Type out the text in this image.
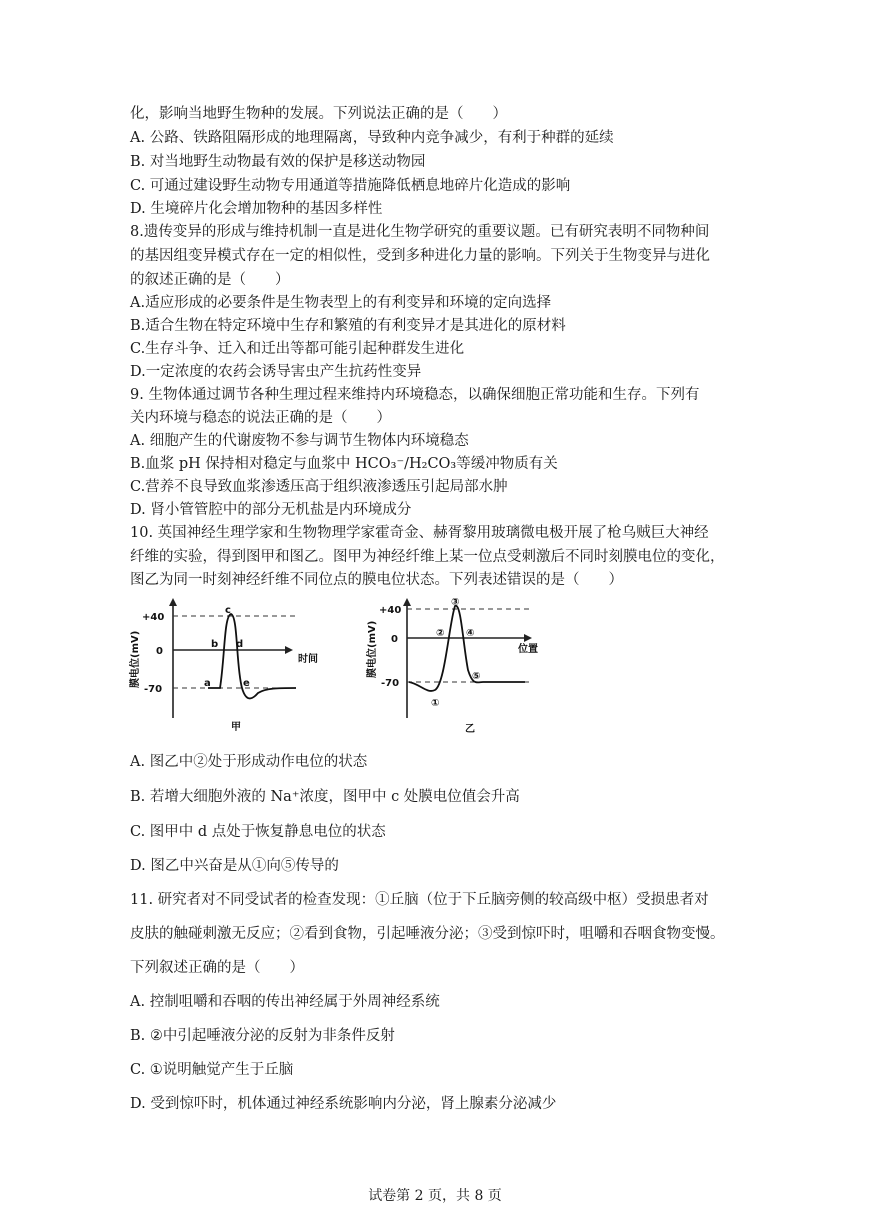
化，影响当地野生物种的发展。下列说法正确的是（　　）
A. 公路、铁路阻隔形成的地理隔离，导致种内竞争减少，有利于种群的延续
B. 对当地野生动物最有效的保护是移送动物园
C. 可通过建设野生动物专用通道等措施降低栖息地碎片化造成的影响
D. 生境碎片化会增加物种的基因多样性
8.遗传变异的形成与维持机制一直是进化生物学研究的重要议题。已有研究表明不同物种间
的基因组变异模式存在一定的相似性，受到多种进化力量的影响。下列关于生物变异与进化
的叙述正确的是（　　）
A.适应形成的必要条件是生物表型上的有利变异和环境的定向选择
B.适合生物在特定环境中生存和繁殖的有利变异才是其进化的原材料
C.生存斗争、迁入和迁出等都可能引起种群发生进化
D.一定浓度的农药会诱导害虫产生抗药性变异
9. 生物体通过调节各种生理过程来维持内环境稳态，以确保细胞正常功能和生存。下列有
关内环境与稳态的说法正确的是（　　）
A. 细胞产生的代谢废物不参与调节生物体内环境稳态
B.血浆 pH 保持相对稳定与血浆中 HCO₃⁻/H₂CO₃等缓冲物质有关
C.营养不良导致血浆渗透压高于组织液渗透压引起局部水肿
D. 肾小管管腔中的部分无机盐是内环境成分
10. 英国神经生理学家和生物物理学家霍奇金、赫胥黎用玻璃微电极开展了枪乌贼巨大神经
纤维的实验，得到图甲和图乙。图甲为神经纤维上某一位点受刺激后不同时刻膜电位的变化，
图乙为同一时刻神经纤维不同位点的膜电位状态。下列表述错误的是（　　）
+40
0
-70
膜电位(mV)	时间
a
b
c
d
e
甲
+40
0
-70
膜电位(mV)	位置
①
②
③
④
⑤
乙
A. 图乙中②处于形成动作电位的状态
B. 若增大细胞外液的 Na⁺浓度，图甲中 c 处膜电位值会升高
C. 图甲中 d 点处于恢复静息电位的状态
D. 图乙中兴奋是从①向⑤传导的
11. 研究者对不同受试者的检查发现：①丘脑（位于下丘脑旁侧的较高级中枢）受损患者对
皮肤的触碰刺激无反应；②看到食物，引起唾液分泌；③受到惊吓时，咀嚼和吞咽食物变慢。
下列叙述正确的是（　　）
A. 控制咀嚼和吞咽的传出神经属于外周神经系统
B. ②中引起唾液分泌的反射为非条件反射
C. ①说明触觉产生于丘脑
D. 受到惊吓时，机体通过神经系统影响内分泌，肾上腺素分泌减少
试卷第 2 页，共 8 页
